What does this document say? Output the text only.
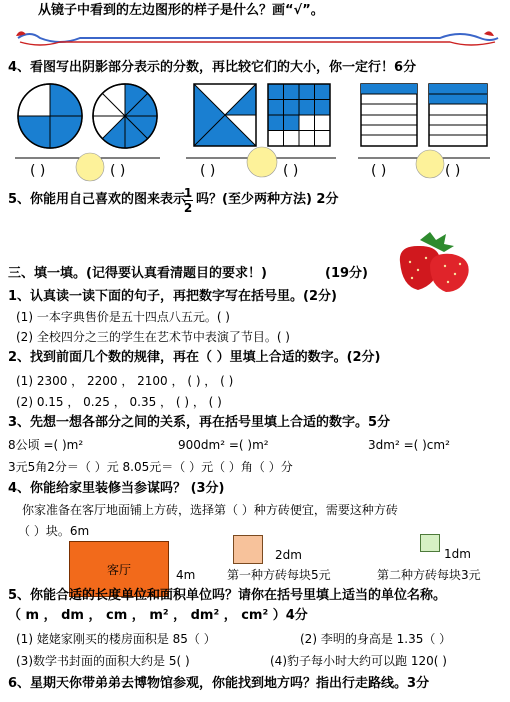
从镜子中看到的左边图形的样子是什么？画“√”。
4、看图写出阴影部分表示的分数，再比较它们的大小，你一定行！6分
( )	( )	( )	( )	( )	( )
5、你能用自己喜欢的图来表示
1
2
吗？(至少两种方法) 2分
三、填一填。(记得要认真看清题目的要求！)	(19分)
1、认真读一读下面的句子，再把数字写在括号里。(2分)
(1) 一本字典售价是五十四点八五元。( )
(2) 全校四分之三的学生在艺术节中表演了节目。( )
2、找到前面几个数的规律，再在（ ）里填上合适的数字。(2分)
(1) 2300 ， 2200 ， 2100 ， ( ) ， ( )
(2) 0.15 ， 0.25 ， 0.35 ， ( ) ， ( )
3、先想一想各部分之间的关系，再在括号里填上合适的数字。5分
8公顷 =( )m²	900dm² =( )m²	3dm² =( )cm²
3元5角2分＝（ ）元 8.05元＝（ ）元（ ）角（ ）分
4、你能给家里装修当参谋吗？ (3分)
你家准备在客厅地面铺上方砖，选择第（ ）种方砖便宜，需要这种方砖
（ ）块。6m
客厅	4m
2dm	1dm
第一种方砖每块5元	第二种方砖每块3元
5、你能合适的长度单位和面积单位吗？请你在括号里填上适当的单位名称。
（ m ， dm ， cm ， m² ， dm² ， cm² ）4分
(1) 姥姥家刚买的楼房面积是 85（ ）	(2) 李明的身高是 1.35（ ）
(3)数学书封面的面积大约是 5( )	(4)豹子每小时大约可以跑 120( )
6、星期天你带弟弟去博物馆参观，你能找到地方吗？指出行走路线。3分
